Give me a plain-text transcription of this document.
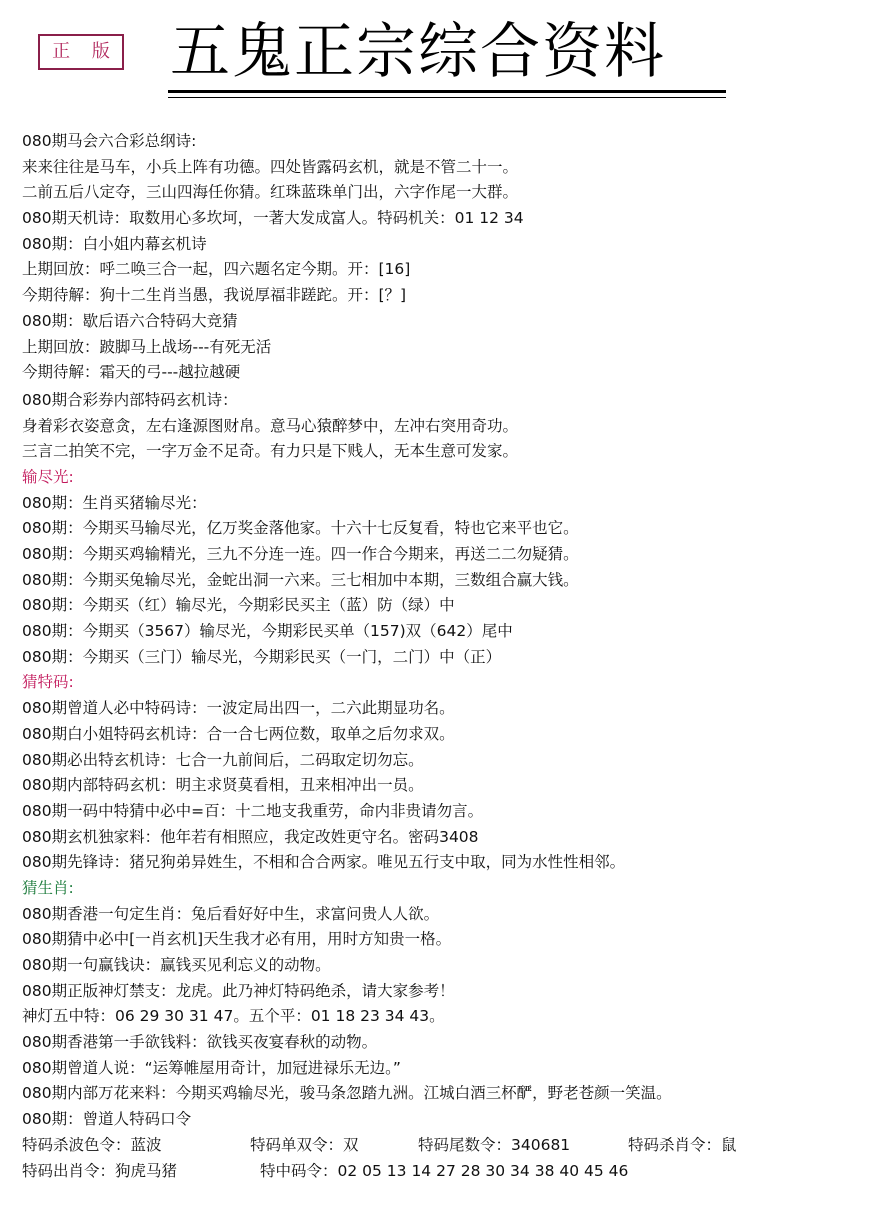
正 版 五鬼正宗综合资料
080期马会六合彩总纲诗:
来来往往是马车，小兵上阵有功德。四处皆露码玄机，就是不管二十一。
二前五后八定夺，三山四海任你猜。红珠蓝珠单门出，六字作尾一大群。
080期天机诗：取数用心多坎坷，一著大发成富人。特码机关：01 12 34
080期：白小姐内幕玄机诗
上期回放：呼二唤三合一起，四六题名定今期。开：[16]
今期待解：狗十二生肖当愚，我说厚福非蹉跎。开：[？]
080期：歇后语六合特码大竞猜
上期回放：跛脚马上战场---有死无活
今期待解：霜天的弓---越拉越硬
080期合彩券内部特码玄机诗：
身着彩衣姿意贪，左右逢源图财帛。意马心猿醉梦中，左冲右突用奇功。
三言二拍笑不完，一字万金不足奇。有力只是下贱人，无本生意可发家。
输尽光:
080期：生肖买猪输尽光：
080期：今期买马输尽光，亿万奖金落他家。十六十七反复看，特也它来平也它。
080期：今期买鸡输精光，三九不分连一连。四一作合今期来，再送二二勿疑猜。
080期：今期买兔输尽光，金蛇出洞一六来。三七相加中本期，三数组合赢大钱。
080期：今期买（红）输尽光，今期彩民买主（蓝）防（绿）中
080期：今期买（3567）输尽光，今期彩民买单（157)双（642）尾中
080期：今期买（三门）输尽光，今期彩民买（一门，二门）中（正）
猜特码:
080期曾道人必中特码诗：一波定局出四一，二六此期显功名。
080期白小姐特码玄机诗：合一合七两位数，取单之后勿求双。
080期必出特玄机诗：七合一九前间后，二码取定切勿忘。
080期内部特码玄机：明主求贤莫看相，丑来相冲出一员。
080期一码中特猜中必中=百：十二地支我重劳，命内非贵请勿言。
080期玄机独家料：他年若有相照应，我定改姓更守名。密码3408
080期先锋诗：猪兄狗弟异姓生，不相和合合两家。唯见五行支中取，同为水性性相邻。
猜生肖:
080期香港一句定生肖：兔后看好好中生，求富问贵人人欲。
080期猜中必中[一肖玄机]天生我才必有用，用时方知贵一格。
080期一句赢钱诀：赢钱买见利忘义的动物。
080期正版神灯禁支：龙虎。此乃神灯特码绝杀，请大家参考！
神灯五中特：06 29 30 31 47。五个平：01 18 23 34 43。
080期香港第一手欲钱料：欲钱买夜宴春秋的动物。
080期曾道人说：“运筹帷屋用奇计，加冠进禄乐无边。”
080期内部万花来料：今期买鸡输尽光，骏马条忽踏九洲。江城白酒三杯酽，野老苍颜一笑温。
080期：曾道人特码口令
特码杀波色令：蓝波	特码单双令：双	特码尾数令：340681	特码杀肖令：鼠
特码出肖令：狗虎马猪	特中码令：02 05 13 14 27 28 30 34 38 40 45 46
